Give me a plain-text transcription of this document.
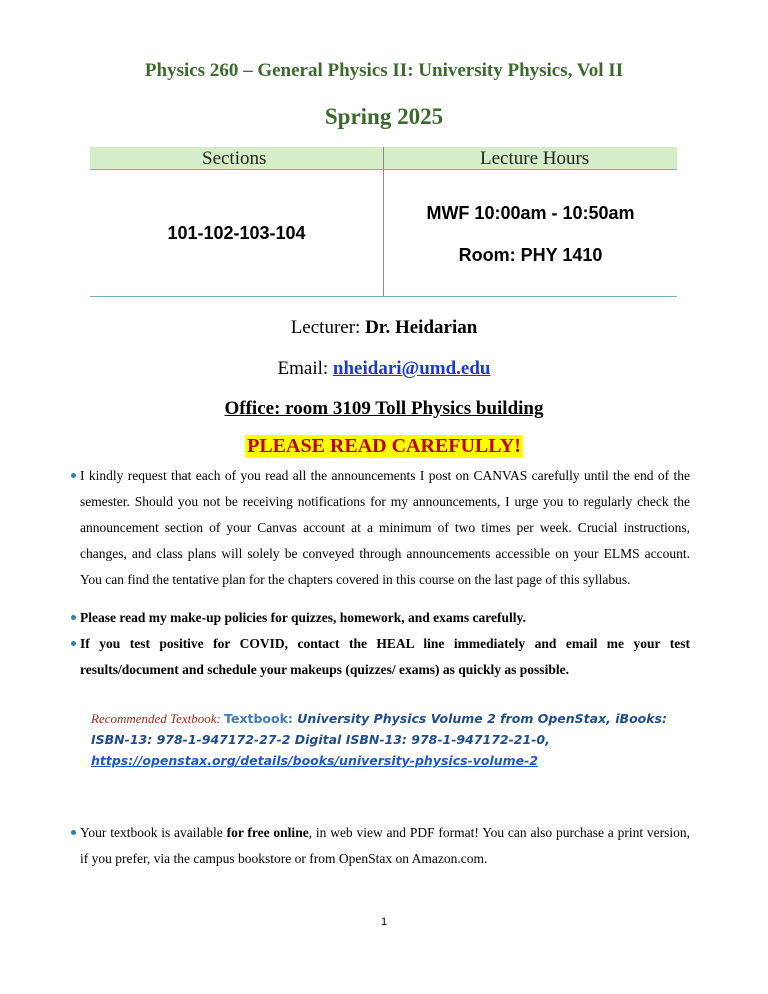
Physics 260 – General Physics II: University Physics, Vol II
Spring 2025
Sections	Lecture Hours
101-102-103-104
MWF 10:00am - 10:50am
Room: PHY 1410
Lecturer: Dr. Heidarian
Email: nheidari@umd.edu
Office: room 3109 Toll Physics building
PLEASE READ CAREFULLY!
I kindly request that each of you read all the announcements I post on CANVAS carefully until the end of the semester. Should you not be receiving notifications for my announcements, I urge you to regularly check the announcement section of your Canvas account at a minimum of two times per week. Crucial instructions, changes, and class plans will solely be conveyed through announcements accessible on your ELMS account. You can find the tentative plan for the chapters covered in this course on the last page of this syllabus.
Please read my make-up policies for quizzes, homework, and exams carefully.
If you test positive for COVID, contact the HEAL line immediately and email me your test results/document and schedule your makeups (quizzes/ exams) as quickly as possible.
Recommended Textbook: Textbook: University Physics Volume 2 from OpenStax, iBooks:
ISBN-13: 978-1-947172-27-2 Digital ISBN-13: 978-1-947172-21-0,
https://openstax.org/details/books/university-physics-volume-2
Your textbook is available for free online, in web view and PDF format! You can also purchase a print version, if you prefer, via the campus bookstore or from OpenStax on Amazon.com.
1
